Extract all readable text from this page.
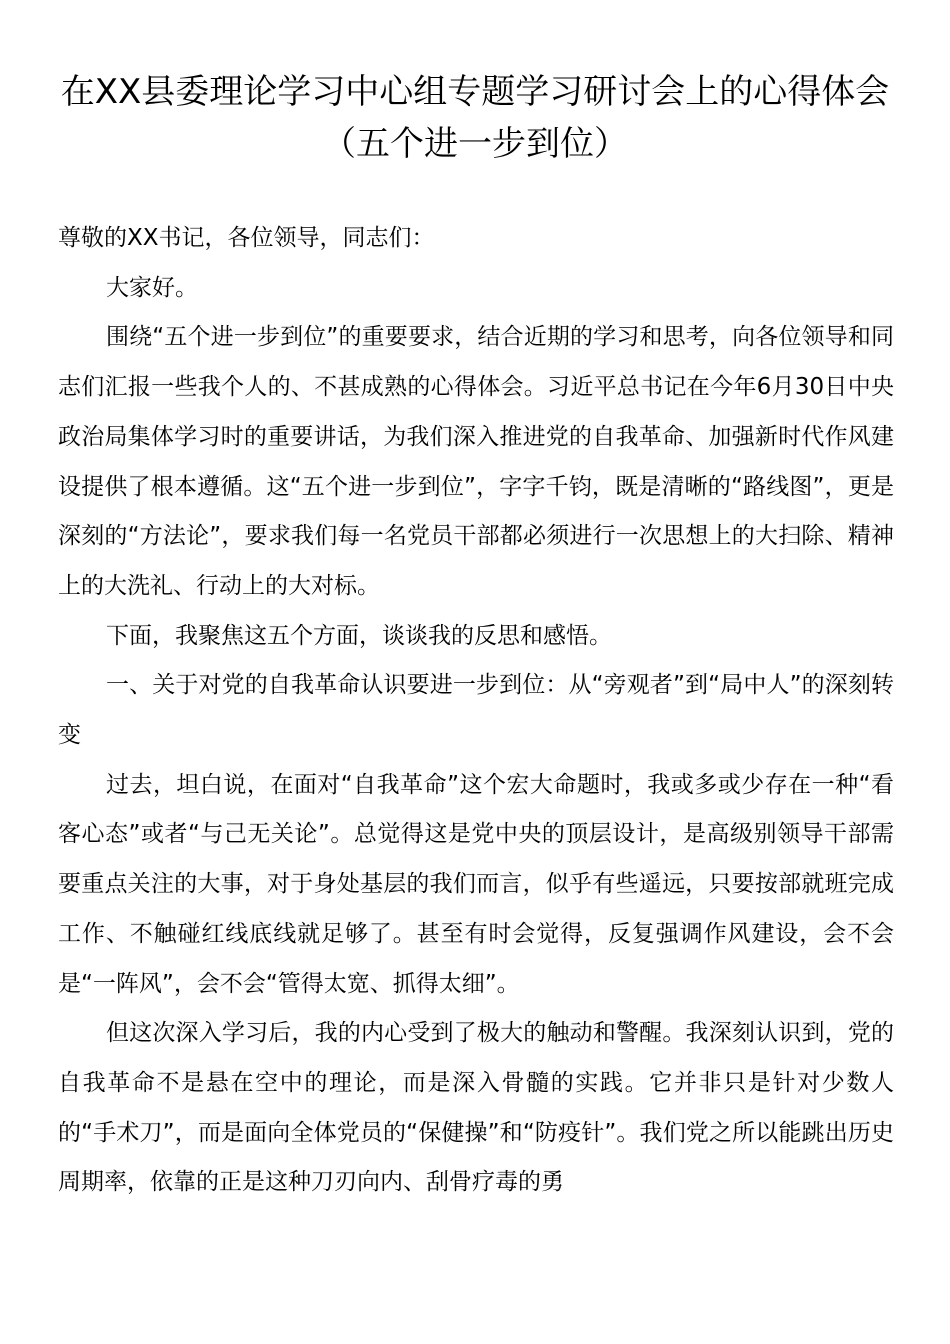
在XX县委理论学习中心组专题学习研讨会上的心得体会（五个进一步到位）

尊敬的XX书记，各位领导，同志们：

大家好。

围绕“五个进一步到位”的重要要求，结合近期的学习和思考，向各位领导和同志们汇报一些我个人的、不甚成熟的心得体会。习近平总书记在今年6月30日中央政治局集体学习时的重要讲话，为我们深入推进党的自我革命、加强新时代作风建设提供了根本遵循。这“五个进一步到位”，字字千钧，既是清晰的“路线图”，更是深刻的“方法论”，要求我们每一名党员干部都必须进行一次思想上的大扫除、精神上的大洗礼、行动上的大对标。

下面，我聚焦这五个方面，谈谈我的反思和感悟。

一、关于对党的自我革命认识要进一步到位：从“旁观者”到“局中人”的深刻转变

过去，坦白说，在面对“自我革命”这个宏大命题时，我或多或少存在一种“看客心态”或者“与己无关论”。总觉得这是党中央的顶层设计，是高级别领导干部需要重点关注的大事，对于身处基层的我们而言，似乎有些遥远，只要按部就班完成工作、不触碰红线底线就足够了。甚至有时会觉得，反复强调作风建设，会不会是“一阵风”，会不会“管得太宽、抓得太细”。

但这次深入学习后，我的内心受到了极大的触动和警醒。我深刻认识到，党的自我革命不是悬在空中的理论，而是深入骨髓的实践。它并非只是针对少数人的“手术刀”，而是面向全体党员的“保健操”和“防疫针”。我们党之所以能跳出历史周期率，依靠的正是这种刀刃向内、刮骨疗毒的勇
